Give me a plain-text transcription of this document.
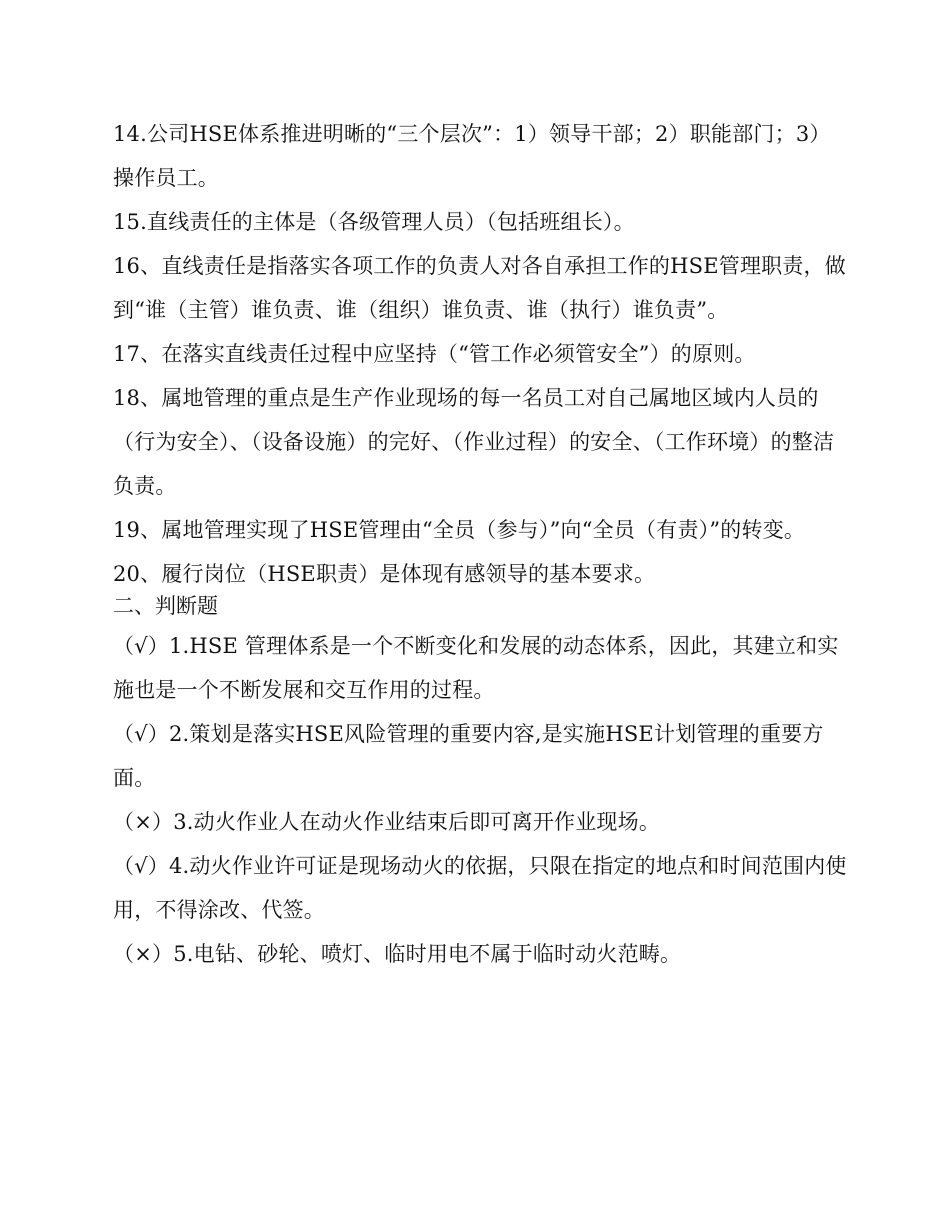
14.公司HSE体系推进明晰的“三个层次”：1）领导干部；2）职能部门；3）操作员工。

15.直线责任的主体是（各级管理人员）（包括班组长）。

16、直线责任是指落实各项工作的负责人对各自承担工作的HSE管理职责，做到“谁（主管）谁负责、谁（组织）谁负责、谁（执行）谁负责”。

17、在落实直线责任过程中应坚持（“管工作必须管安全”）的原则。

18、属地管理的重点是生产作业现场的每一名员工对自己属地区域内人员的（行为安全）、（设备设施）的完好、（作业过程）的安全、（工作环境）的整洁负责。

19、属地管理实现了HSE管理由“全员（参与）”向“全员（有责）”的转变。

20、履行岗位（HSE职责）是体现有感领导的基本要求。

二、判断题

（√）1.HSE 管理体系是一个不断变化和发展的动态体系，因此，其建立和实施也是一个不断发展和交互作用的过程。

（√）2.策划是落实HSE风险管理的重要内容,是实施HSE计划管理的重要方面。

（×）3.动火作业人在动火作业结束后即可离开作业现场。

（√）4.动火作业许可证是现场动火的依据，只限在指定的地点和时间范围内使用，不得涂改、代签。

（×）5.电钻、砂轮、喷灯、临时用电不属于临时动火范畴。
